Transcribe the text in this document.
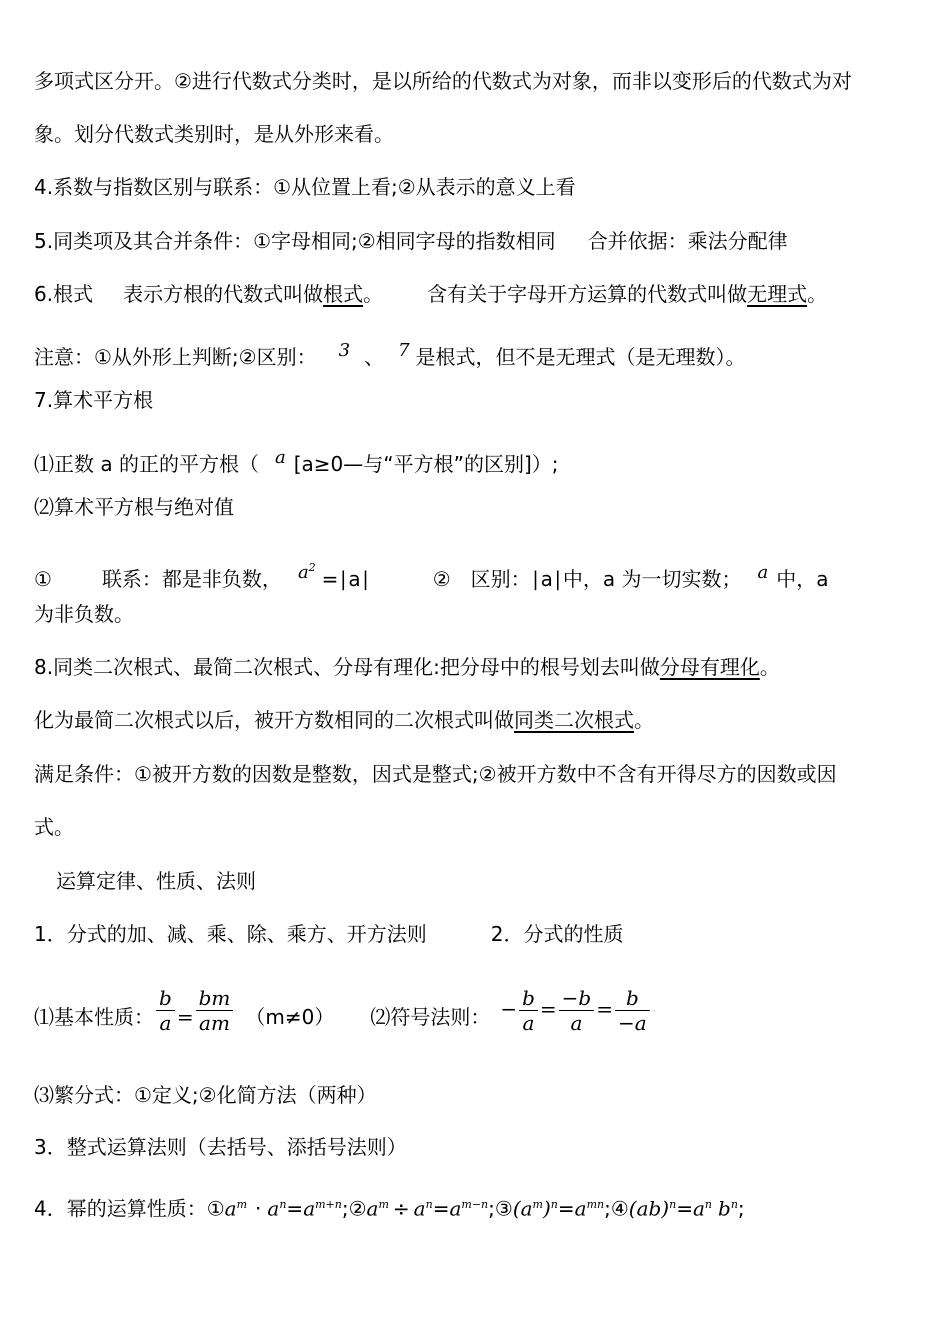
多项式区分开。②进行代数式分类时，是以所给的代数式为对象，而非以变形后的代数式为对
象。划分代数式类别时，是从外形来看。
4.系数与指数区别与联系：①从位置上看;②从表示的意义上看
5.同类项及其合并条件：①字母相同;②相同字母的指数相同 合并依据：乘法分配律
6.根式 表示方根的代数式叫做根式。 含有关于字母开方运算的代数式叫做无理式。
注意：①从外形上判断;②区别： 3 、 7 是根式，但不是无理式（是无理数）。
7.算术平方根
⑴正数 a 的正的平方根（ a [a≥0—与“平方根”的区别]）;
⑵算术平方根与绝对值
①	联系：都是非负数， $a^2$ =∣a∣	② 区别：∣a∣中，a 为一切实数； a 中，a
为非负数。
8.同类二次根式、最简二次根式、分母有理化:把分母中的根号划去叫做分母有理化。
化为最简二次根式以后，被开方数相同的二次根式叫做同类二次根式。
满足条件：①被开方数的因数是整数，因式是整式;②被开方数中不含有开得尽方的因数或因
式。
运算定律、性质、法则
1．分式的加、减、乘、除、乘方、开方法则	2．分式的性质
⑴基本性质： $\frac{b}{a} = \frac{bm}{am} (m\ne 0)$ ⑵符号法则： − $\frac{b}{a} = \frac{-b}{a} = \frac{b}{-a}$
⑶繁分式：①定义;②化简方法（两种）
3．整式运算法则（去括号、添括号法则）
4．幂的运算性质：$①a^m$ · $a^n=a^{m+n};②a^m$ ÷ $a^n=a^{m-n};③(a^m)^n=a^{mn};④(ab)^n=a^n$ $b^n$;
